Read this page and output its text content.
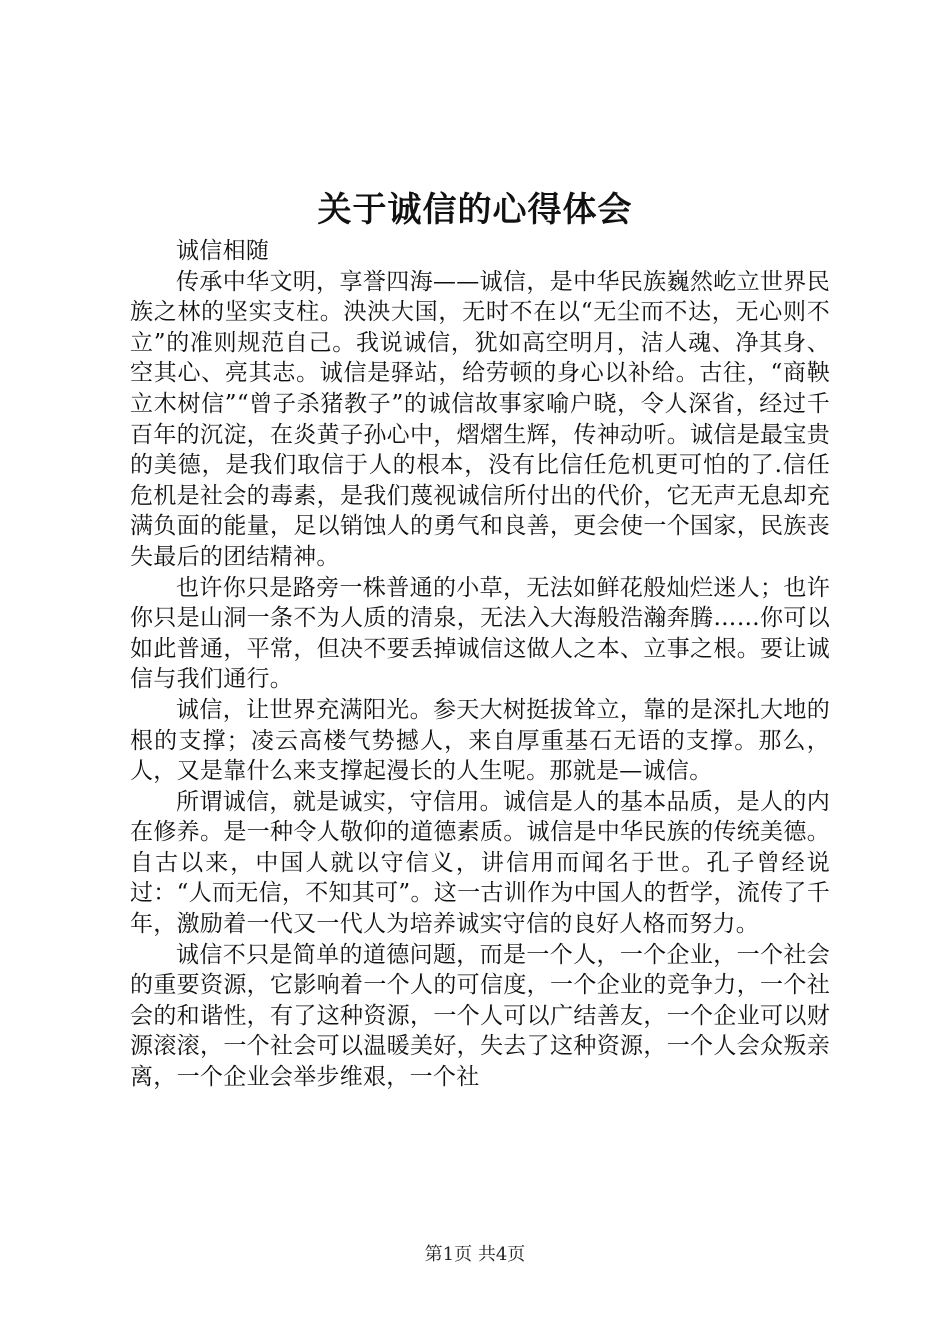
关于诚信的心得体会

诚信相随

传承中华文明，享誉四海——诚信，是中华民族巍然屹立世界民族之林的坚实支柱。泱泱大国，无时不在以“无尘而不达，无心则不立”的准则规范自己。我说诚信，犹如高空明月，洁人魂、净其身、空其心、亮其志。诚信是驿站，给劳顿的身心以补给。古往，“商鞅立木树信”“曾子杀猪教子”的诚信故事家喻户晓，令人深省，经过千百年的沉淀，在炎黄子孙心中，熠熠生辉，传神动听。诚信是最宝贵的美德，是我们取信于人的根本，没有比信任危机更可怕的了.信任危机是社会的毒素，是我们蔑视诚信所付出的代价，它无声无息却充满负面的能量，足以销蚀人的勇气和良善，更会使一个国家，民族丧失最后的团结精神。

也许你只是路旁一株普通的小草，无法如鲜花般灿烂迷人；也许你只是山洞一条不为人质的清泉，无法入大海般浩瀚奔腾……你可以如此普通，平常，但决不要丢掉诚信这做人之本、立事之根。要让诚信与我们通行。

诚信，让世界充满阳光。参天大树挺拔耸立，靠的是深扎大地的根的支撑；凌云高楼气势撼人，来自厚重基石无语的支撑。那么，人，又是靠什么来支撑起漫长的人生呢。那就是—诚信。

所谓诚信，就是诚实，守信用。诚信是人的基本品质，是人的内在修养。是一种令人敬仰的道德素质。诚信是中华民族的传统美德。自古以来，中国人就以守信义，讲信用而闻名于世。孔子曾经说过：“人而无信，不知其可”。这一古训作为中国人的哲学，流传了千年，激励着一代又一代人为培养诚实守信的良好人格而努力。

诚信不只是简单的道德问题，而是一个人，一个企业，一个社会的重要资源，它影响着一个人的可信度，一个企业的竞争力，一个社会的和谐性，有了这种资源，一个人可以广结善友，一个企业可以财源滚滚，一个社会可以温暖美好，失去了这种资源，一个人会众叛亲离，一个企业会举步维艰，一个社

第1页 共4页
